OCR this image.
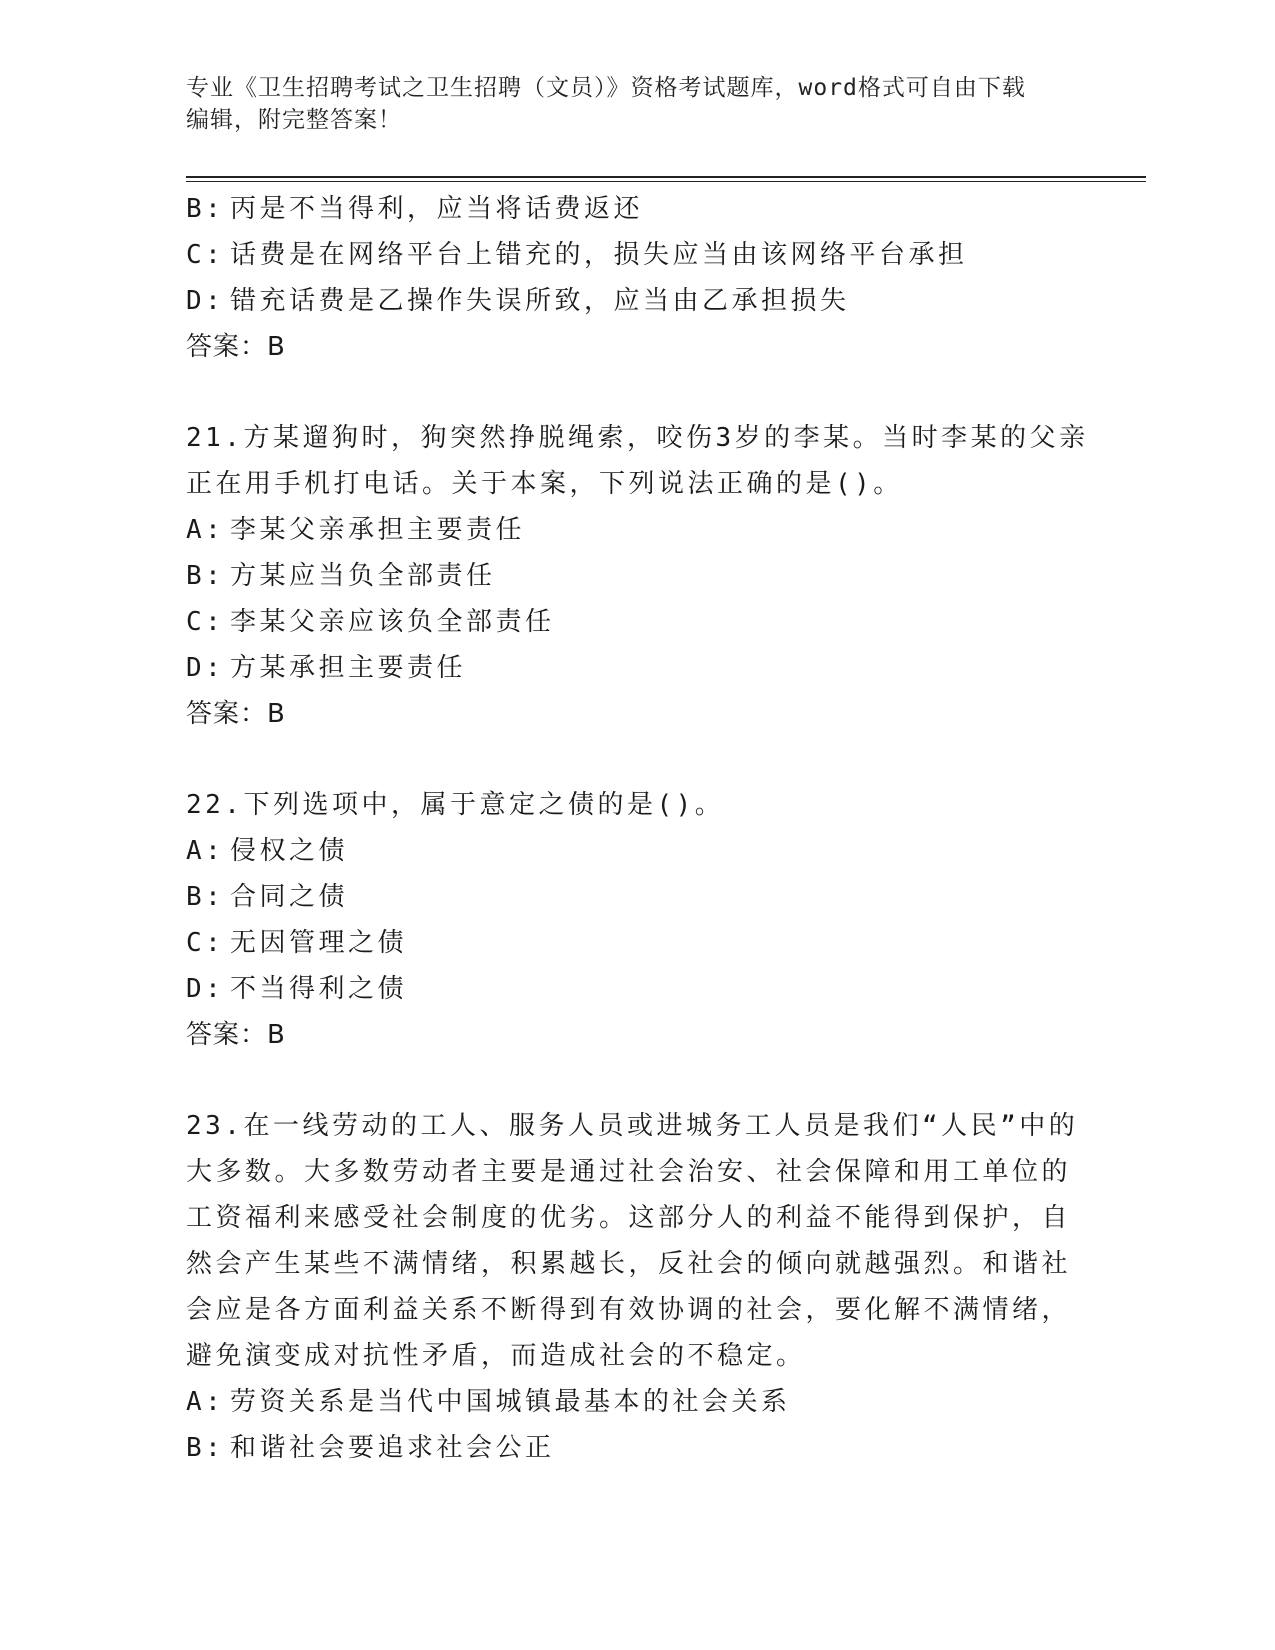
专业《卫生招聘考试之卫生招聘（文员）》资格考试题库，word格式可自由下载
编辑，附完整答案！
B: 丙是不当得利，应当将话费返还
C: 话费是在网络平台上错充的，损失应当由该网络平台承担
D: 错充话费是乙操作失误所致，应当由乙承担损失
答案：B
21.方某遛狗时，狗突然挣脱绳索，咬伤3岁的李某。当时李某的父亲
正在用手机打电话。关于本案，下列说法正确的是()。
A: 李某父亲承担主要责任
B: 方某应当负全部责任
C: 李某父亲应该负全部责任
D: 方某承担主要责任
答案：B
22.下列选项中，属于意定之债的是()。
A: 侵权之债
B: 合同之债
C: 无因管理之债
D: 不当得利之债
答案：B
23.在一线劳动的工人、服务人员或进城务工人员是我们“人民”中的
大多数。大多数劳动者主要是通过社会治安、社会保障和用工单位的
工资福利来感受社会制度的优劣。这部分人的利益不能得到保护，自
然会产生某些不满情绪，积累越长，反社会的倾向就越强烈。和谐社
会应是各方面利益关系不断得到有效协调的社会，要化解不满情绪，
避免演变成对抗性矛盾，而造成社会的不稳定。
A: 劳资关系是当代中国城镇最基本的社会关系
B: 和谐社会要追求社会公正
